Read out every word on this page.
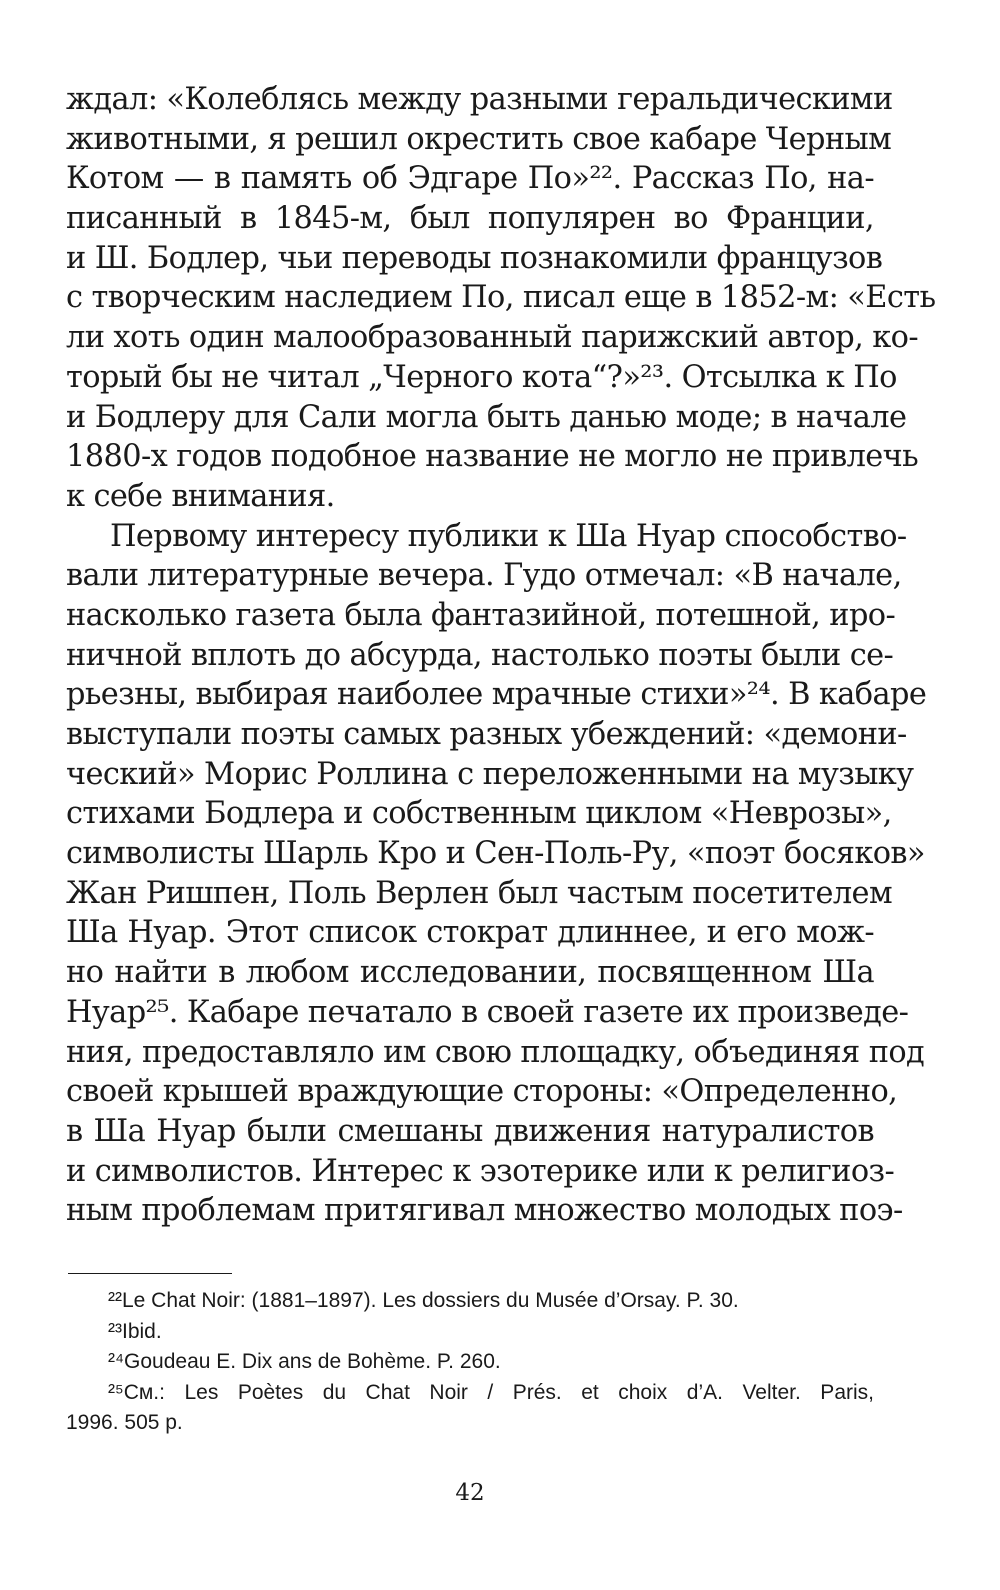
ждал: «Колеблясь между разными геральдическими
животными, я решил окрестить свое кабаре Черным
Котом — в память об Эдгаре По»²². Рассказ По, на-
писанный в 1845-м, был популярен во Франции,
и Ш. Бодлер, чьи переводы познакомили французов
с творческим наследием По, писал еще в 1852-м: «Есть
ли хоть один малообразованный парижский автор, ко-
торый бы не читал „Черного кота“?»²³. Отсылка к По
и Бодлеру для Сали могла быть данью моде; в начале
1880-х годов подобное название не могло не привлечь
к себе внимания.
Первому интересу публики к Ша Нуар способство-
вали литературные вечера. Гудо отмечал: «В начале,
насколько газета была фантазийной, потешной, иро-
ничной вплоть до абсурда, настолько поэты были се-
рьезны, выбирая наиболее мрачные стихи»²⁴. В кабаре
выступали поэты самых разных убеждений: «демони-
ческий» Морис Роллина с переложенными на музыку
стихами Бодлера и собственным циклом «Неврозы»,
символисты Шарль Кро и Сен-Поль-Ру, «поэт босяков»
Жан Ришпен, Поль Верлен был частым посетителем
Ша Нуар. Этот список стократ длиннее, и его мож-
но найти в любом исследовании, посвященном Ша
Нуар²⁵. Кабаре печатало в своей газете их произведе-
ния, предоставляло им свою площадку, объединяя под
своей крышей враждующие стороны: «Определенно,
в Ша Нуар были смешаны движения натуралистов
и символистов. Интерес к эзотерике или к религиоз-
ным проблемам притягивал множество молодых поэ-
²²Le Chat Noir: (1881–1897). Les dossiers du Musée d’Orsay. P. 30.
²³Ibid.
²⁴Goudeau E. Dix ans de Bohème. P. 260.
²⁵См.: Les Poètes du Chat Noir / Prés. et choix d’A. Velter. Paris,
1996. 505 p.
42
